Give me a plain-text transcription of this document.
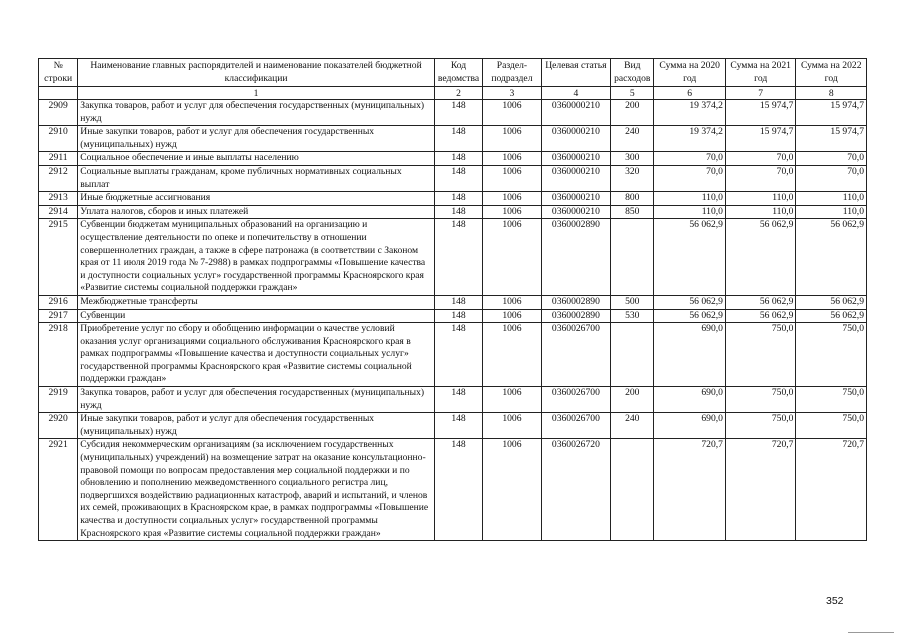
№ строки	Наименование главных распорядителей и наименование показателей бюджетной классификации	Код ведомства	Раздел-подраздел	Целевая статья	Вид расходов	Сумма на 2020 год	Сумма на 2021 год	Сумма на 2022 год
	1	2	3	4	5	6	7	8
2909	Закупка товаров, работ и услуг для обеспечения государственных (муниципальных) нужд	148	1006	0360000210	200	19 374,2	15 974,7	15 974,7
2910	Иные закупки товаров, работ и услуг для обеспечения государственных (муниципальных) нужд	148	1006	0360000210	240	19 374,2	15 974,7	15 974,7
2911	Социальное обеспечение и иные выплаты населению	148	1006	0360000210	300	70,0	70,0	70,0
2912	Социальные выплаты гражданам, кроме публичных нормативных социальных выплат	148	1006	0360000210	320	70,0	70,0	70,0
2913	Иные бюджетные ассигнования	148	1006	0360000210	800	110,0	110,0	110,0
2914	Уплата налогов, сборов и иных платежей	148	1006	0360000210	850	110,0	110,0	110,0
2915	Субвенции бюджетам муниципальных образований на организацию и осуществление деятельности по опеке и попечительству в отношении совершеннолетних граждан, а также в сфере патронажа (в соответствии с Законом края от 11 июля 2019 года № 7-2988) в рамках подпрограммы «Повышение качества и доступности социальных услуг» государственной программы Красноярского края «Развитие системы социальной поддержки граждан»	148	1006	0360002890		56 062,9	56 062,9	56 062,9
2916	Межбюджетные трансферты	148	1006	0360002890	500	56 062,9	56 062,9	56 062,9
2917	Субвенции	148	1006	0360002890	530	56 062,9	56 062,9	56 062,9
2918	Приобретение услуг по сбору и обобщению информации о качестве условий оказания услуг организациями социального обслуживания Красноярского края в рамках подпрограммы «Повышение качества и доступности социальных услуг» государственной программы Красноярского края «Развитие системы социальной поддержки граждан»	148	1006	0360026700		690,0	750,0	750,0
2919	Закупка товаров, работ и услуг для обеспечения государственных (муниципальных) нужд	148	1006	0360026700	200	690,0	750,0	750,0
2920	Иные закупки товаров, работ и услуг для обеспечения государственных (муниципальных) нужд	148	1006	0360026700	240	690,0	750,0	750,0
2921	Субсидия некоммерческим организациям (за исключением государственных (муниципальных) учреждений) на возмещение затрат на оказание консультационно-правовой помощи по вопросам предоставления мер социальной поддержки и по обновлению и пополнению межведомственного социального регистра лиц, подвергшихся воздействию радиационных катастроф, аварий и испытаний, и членов их семей, проживающих в Красноярском крае, в рамках подпрограммы «Повышение качества и доступности социальных услуг» государственной программы Красноярского края «Развитие системы социальной поддержки граждан»	148	1006	0360026720		720,7	720,7	720,7
352
